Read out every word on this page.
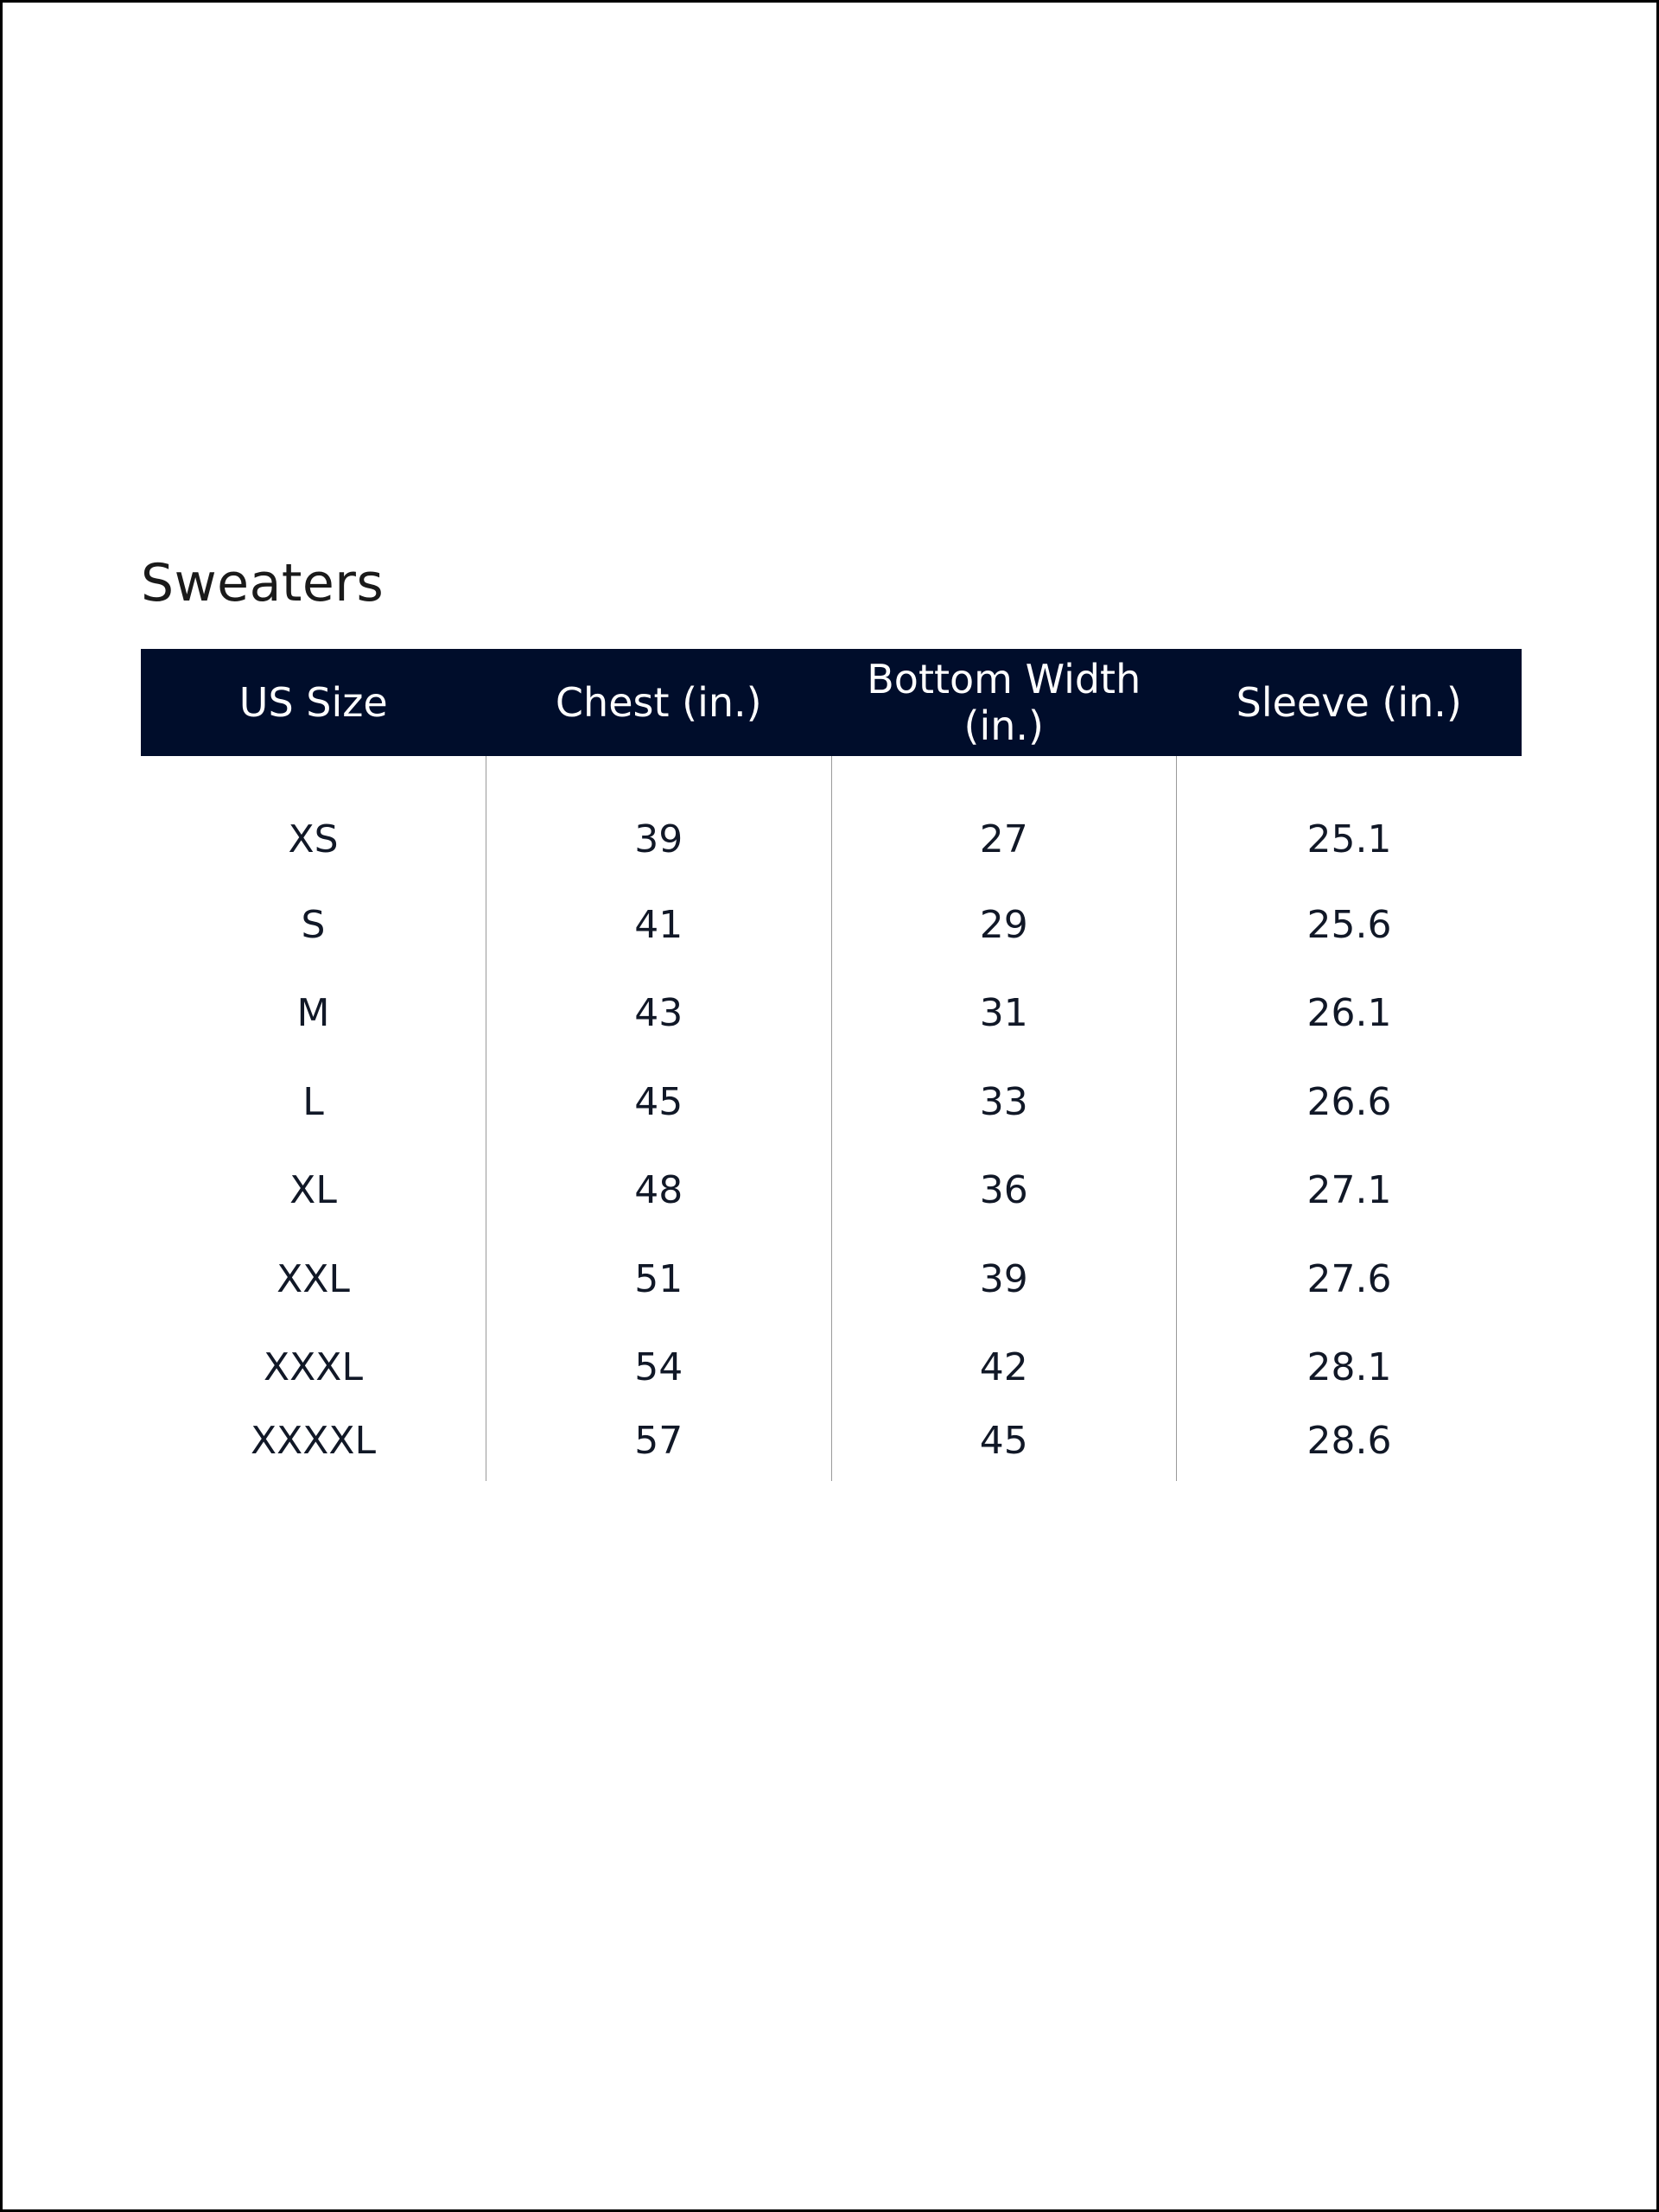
Sweaters
US Size	Chest (in.)	Bottom Width (in.)	Sleeve (in.)
XS	39	27	25.1
S	41	29	25.6
M	43	31	26.1
L	45	33	26.6
XL	48	36	27.1
XXL	51	39	27.6
XXXL	54	42	28.1
XXXXL	57	45	28.6
